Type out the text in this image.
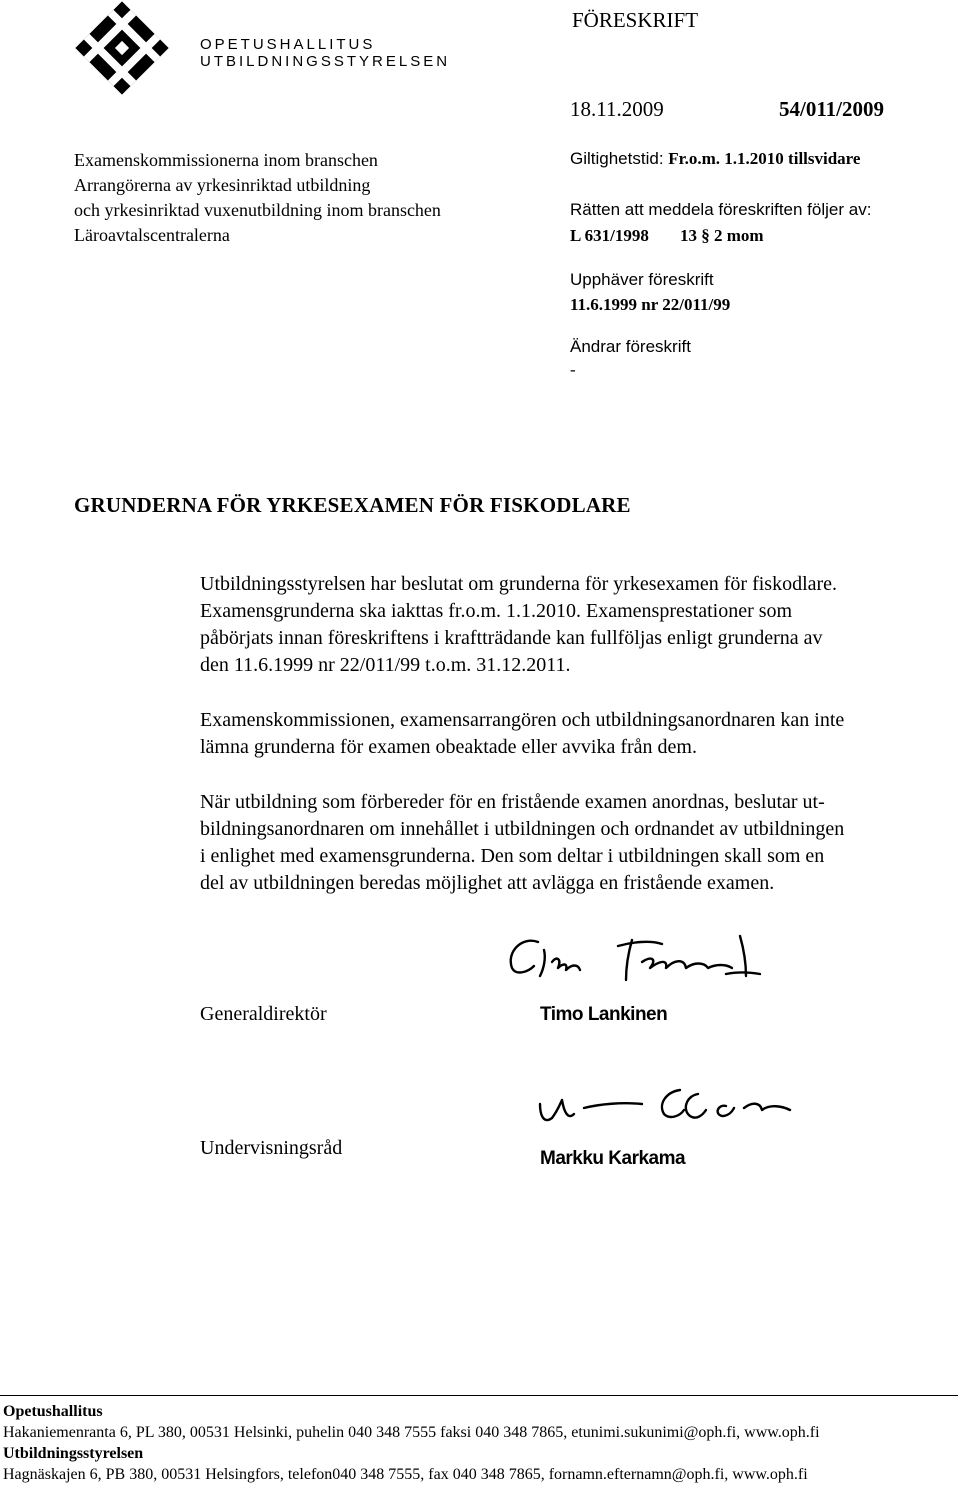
OPETUSHALLITUS
UTBILDNINGSSTYRELSEN
FÖRESKRIFT
18.11.2009	54/011/2009
Examenskommissionerna inom branschen
Arrangörerna av yrkesinriktad utbildning
och yrkesinriktad vuxenutbildning inom branschen
Läroavtalscentralerna
Giltighetstid: Fr.o.m. 1.1.2010 tillsvidare
Rätten att meddela föreskriften följer av:
L 631/1998 13 § 2 mom
Upphäver föreskrift
11.6.1999 nr 22/011/99
Ändrar föreskrift
-
GRUNDERNA FÖR YRKESEXAMEN FÖR FISKODLARE
Utbildningsstyrelsen har beslutat om grunderna för yrkesexamen för fiskodlare.
Examensgrunderna ska iakttas fr.o.m. 1.1.2010. Examensprestationer som
påbörjats innan föreskriftens i kraftträdande kan fullföljas enligt grunderna av
den 11.6.1999 nr 22/011/99 t.o.m. 31.12.2011.
Examenskommissionen, examensarrangören och utbildningsanordnaren kan inte
lämna grunderna för examen obeaktade eller avvika från dem.
När utbildning som förbereder för en fristående examen anordnas, beslutar ut-
bildningsanordnaren om innehållet i utbildningen och ordnandet av utbildningen
i enlighet med examensgrunderna. Den som deltar i utbildningen skall som en
del av utbildningen beredas möjlighet att avlägga en fristående examen.
Generaldirektör	Timo Lankinen
Undervisningsråd	Markku Karkama
Opetushallitus
Hakaniemenranta 6, PL 380, 00531 Helsinki, puhelin 040 348 7555 faksi 040 348 7865, etunimi.sukunimi@oph.fi, www.oph.fi
Utbildningsstyrelsen
Hagnäskajen 6, PB 380, 00531 Helsingfors, telefon040 348 7555, fax 040 348 7865, fornamn.efternamn@oph.fi, www.oph.fi
